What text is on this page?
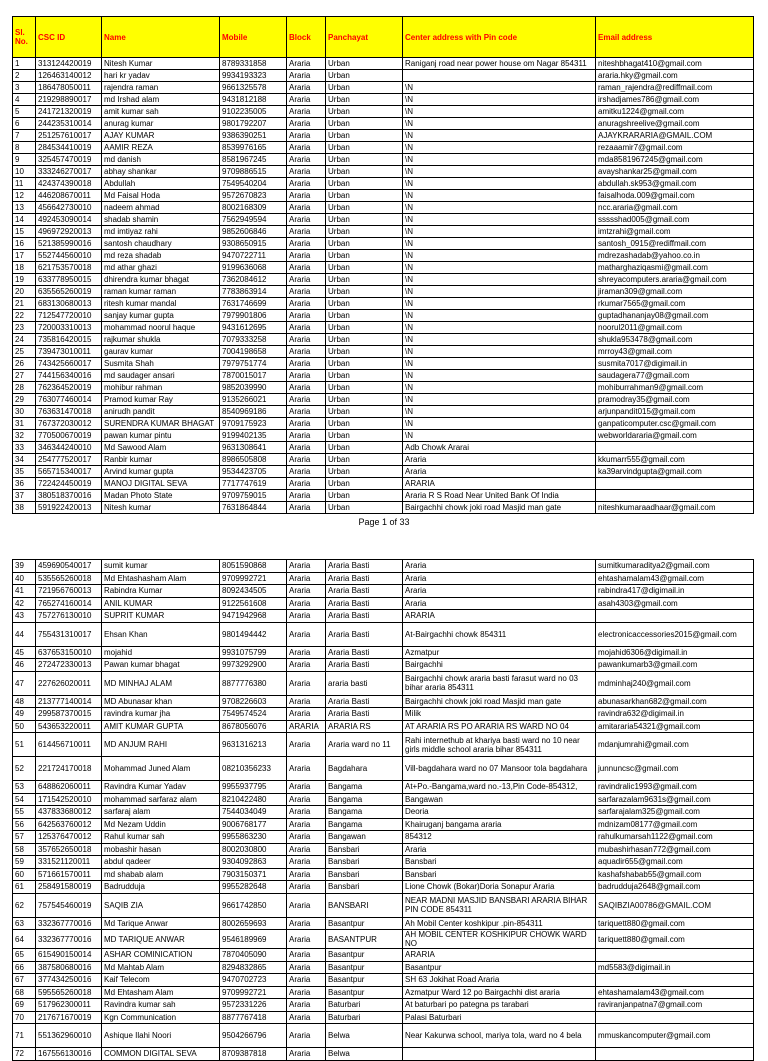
Sl. No.	CSC ID	Name	Mobile	Block	Panchayat	Center address with Pin code	Email address
1	313124420019	Nitesh Kumar	8789331858	Araria	Urban	Raniganj road near power house om Nagar 854311	niteshbhagat410@gmail.com
2	126463140012	hari kr yadav	9934193323	Araria	Urban		araria.hky@gmail.com
3	186478050011	rajendra raman	9661325578	Araria	Urban	\N	raman_rajendra@rediffmail.com
4	219298890017	md Irshad alam	9431812188	Araria	Urban	\N	irshadjames786@gmail.com
5	241721320019	amit kumar sah	9102235005	Araria	Urban	\N	amitku1224@gmail.com
6	244235310014	anurag kumar	9801792207	Araria	Urban	\N	anuragshreelive@gmail.com
7	251257610017	AJAY KUMAR	9386390251	Araria	Urban	\N	AJAYKRARARIA@GMAIL.COM
8	284534410019	AAMIR REZA	8539976165	Araria	Urban	\N	rezaaamir7@gmail.com
9	325457470019	md danish	8581967245	Araria	Urban	\N	mda8581967245@gmail.com
10	333246270017	abhay shankar	9709886515	Araria	Urban	\N	avayshankar25@gmail.com
11	424374390018	Abdullah	7549540204	Araria	Urban	\N	abdullah.sk953@gmail.com
12	446208670011	Md Faisal Hoda	9572670823	Araria	Urban	\N	faisalhoda.009@gmail.com
13	456642730010	nadeem ahmad	8002168309	Araria	Urban	\N	ncc.araria@gmail.com
14	492453090014	shadab shamin	7562949594	Araria	Urban	\N	ssssshad005@gmail.com
15	496972920013	md imtiyaz rahi	9852606846	Araria	Urban	\N	imtzrahi@gmail.com
16	521385990016	santosh chaudhary	9308650915	Araria	Urban	\N	santosh_0915@rediffmail.com
17	552744560010	md reza shadab	9470722711	Araria	Urban	\N	mdrezashadab@yahoo.co.in
18	621753570018	md athar ghazi	9199636068	Araria	Urban	\N	matharghaziqasmi@gmail.com
19	633778950015	dhirendra kumar bhagat	7362084612	Araria	Urban	\N	shreyacomputers.araria@gmail.com
20	635565260019	raman kumar raman	7783863914	Araria	Urban	\N	jiraman309@gmail.com
21	683130680013	ritesh kumar mandal	7631746699	Araria	Urban	\N	rkumar7565@gmail.com
22	712547720010	sanjay kumar gupta	7979901806	Araria	Urban	\N	guptadhananjay08@gmail.com
23	720003310013	mohammad noorul haque	9431612695	Araria	Urban	\N	noorul2011@gmail.com
24	735816420015	rajkumar shukla	7079333258	Araria	Urban	\N	shukla953478@gmail.com
25	739473010011	gaurav kumar	7004198658	Araria	Urban	\N	mrroy43@gmail.com
26	743425660017	Susmita Shah	7979751774	Araria	Urban	\N	susmita7017@digimail.in
27	744156340016	md saudager ansari	7870015017	Araria	Urban	\N	saudagera77@gmail.com
28	762364520019	mohibur rahman	9852039990	Araria	Urban	\N	mohiburrahman9@gmail.com
29	763077460014	Pramod kumar Ray	9135266021	Araria	Urban	\N	pramodray35@gmail.com
30	763631470018	anirudh pandit	8540969186	Araria	Urban	\N	arjunpandit015@gmail.com
31	767372030012	SURENDRA KUMAR BHAGAT	9709175923	Araria	Urban	\N	ganpaticomputer.csc@gmail.com
32	770500670019	pawan kumar pintu	9199402135	Araria	Urban	\N	webworldararia@gmail.com
33	346344240010	Md Sawood Alam	9631308641	Araria	Urban	Adb Chowk Ararai	
34	254777520017	Ranbir kumar	8986505808	Araria	Urban	Araria	kkumarr555@gmail.com
35	565715340017	Arvind kumar gupta	9534423705	Araria	Urban	Araria	ka39arvindgupta@gmail.com
36	722424450019	MANOJ DIGITAL SEVA	7717747619	Araria	Urban	ARARIA	
37	380518370016	Madan Photo State	9709759015	Araria	Urban	Araria R S Road Near United Bank Of India	
38	591922420013	Nitesh kumar	7631864844	Araria	Urban	Bairgachhi chowk joki road Masjid man gate	niteshkumaraadhaar@gmail.com
Page 1 of 33
39	459690540017	sumit kumar	8051590868	Araria	Araria Basti	Araria	sumitkumaraditya2@gmail.com
40	535565260018	Md Ehtashasham Alam	9709992721	Araria	Araria Basti	Araria	ehtashamalam43@gmail.com
41	721956760013	Rabindra Kumar	8092434505	Araria	Araria Basti	Araria	rabindra417@digimail.in
42	765274160014	ANIL KUMAR	9122561608	Araria	Araria Basti	Araria	asah4303@gmail.com
43	757276130010	SUPRIT KUMAR	9471942968	Araria	Araria Basti	ARARIA	
44	755431310017	Ehsan Khan	9801494442	Araria	Araria Basti	At-Bairgachhi chowk 854311	electronicaccessories2015@gmail.com
45	637653150010	mojahid	9931075799	Araria	Araria Basti	Azmatpur	mojahid6306@digimail.in
46	272472330013	Pawan kumar bhagat	9973292900	Araria	Araria Basti	Bairgachhi	pawankumarb3@gmail.com
47	227626020011	MD MINHAJ ALAM	8877776380	Araria	araria basti	Bairgachhi chowk araria basti farasut ward no 03 bihar araria 854311	mdminhaj240@gmail.com
48	213777140014	MD Abunasar khan	9708226603	Araria	Araria Basti	Bairgachhi chowk joki road Masjid man gate	abunasarkhan682@gmail.com
49	299587370015	ravindra kumar jha	7549574524	Araria	Araria Basti	Milik	ravindra632@digimail.in
50	543653220011	AMIT KUMAR GUPTA	8678056076	ARARIA	ARARIA RS	AT ARARIA RS PO ARARIA RS WARD NO 04	amitararia54321@gmail.com
51	614456710011	MD ANJUM RAHI	9631316213	Araria	Araria ward no 11	Rahi internethub at khariya basti ward no 10 near girls middle school araria bihar 854311	mdanjumrahi@gmail.com
52	221724170018	Mohammad Juned Alam	08210356233	Araria	Bagdahara	Vill-bagdahara ward no 07 Mansoor tola bagdahara	junnuncsc@gmail.com
53	648862060011	Ravindra Kumar Yadav	9955937795	Araria	Bangama	At+Po.-Bangama,ward no.-13,Pin Code-854312,	ravindralic1993@gmail.com
54	171542520010	mohammad sarfaraz alam	8210422480	Araria	Bangama	Bangawan	sarfarazalam9631s@gmail.com
55	437833680012	sarfaraj alam	7544034049	Araria	Bangama	Deoria	sarfarajalam325@gmail.com
56	642563760012	Md Nezam Uddin	9006768177	Araria	Bangama	Khairuganj bangama araria	mdnizam08177@gmail.com
57	125376470012	Rahul kumar sah	9955863230	Araria	Bangawan	854312	rahulkumarsah1122@gmail.com
58	357652650018	mobashir hasan	8002030800	Araria	Bansbari	Araria	mubashirhasan772@gmail.com
59	331521120011	abdul qadeer	9304092863	Araria	Bansbari	Bansbari	aquadir655@gmail.com
60	571661570011	md shabab alam	7903150371	Araria	Bansbari	Bansbari	kashafshabab55@gmail.com
61	258491580019	Badrudduja	9955282648	Araria	Bansbari	Lione Chowk (Bokar)Doria Sonapur Araria	badrudduja2648@gmail.com
62	757545460019	SAQIB ZIA	9661742850	Araria	BANSBARI	NEAR MADNI MASJID BANSBARI ARARIA BIHAR PIN CODE 854311	SAQIBZIA00786@GMAIL.COM
63	332367770016	Md Tarique Anwar	8002659693	Araria	Basantpur	Ah Mobil Center koshkipur .pin-854311	tariquett880@gmail.com
64	332367770016	MD TARIQUE ANWAR	9546189969	Araria	BASANTPUR	AH MOBIL CENTER KOSHKIPUR CHOWK WARD NO	tariquett880@gmail.com
65	615490150014	ASHAR COMINICATION	7870405090	Araria	Basantpur	ARARIA	
66	387580680016	Md Mahtab Alam	8294832865	Araria	Basantpur	Basantpur	md5583@digimail.in
67	377434250016	Kaif Telecom	9470702723	Araria	Basantpur	SH 63 Jokihat Road Araria	
68	595565260018	Md Ehtasham Alam	9709992721	Araria	Basantpur	Azmatpur Ward 12 po Bairgachhi dist araria	ehtashamalam43@gmail.com
69	517962300011	Ravindra kumar sah	9572331226	Araria	Baturbari	At baturbari po pategna ps tarabari	raviranjanpatna7@gmail.com
70	217671670019	Kgn Communication	8877767418	Araria	Baturbari	Palasi Baturbari	
71	551362960010	Ashique Ilahi Noori	9504266796	Araria	Belwa	Near Kakurwa school, mariya tola, ward no 4 bela	mmuskancomputer@gmail.com
72	167556130016	COMMON DIGITAL SEVA	8709387818	Araria	Belwa		
